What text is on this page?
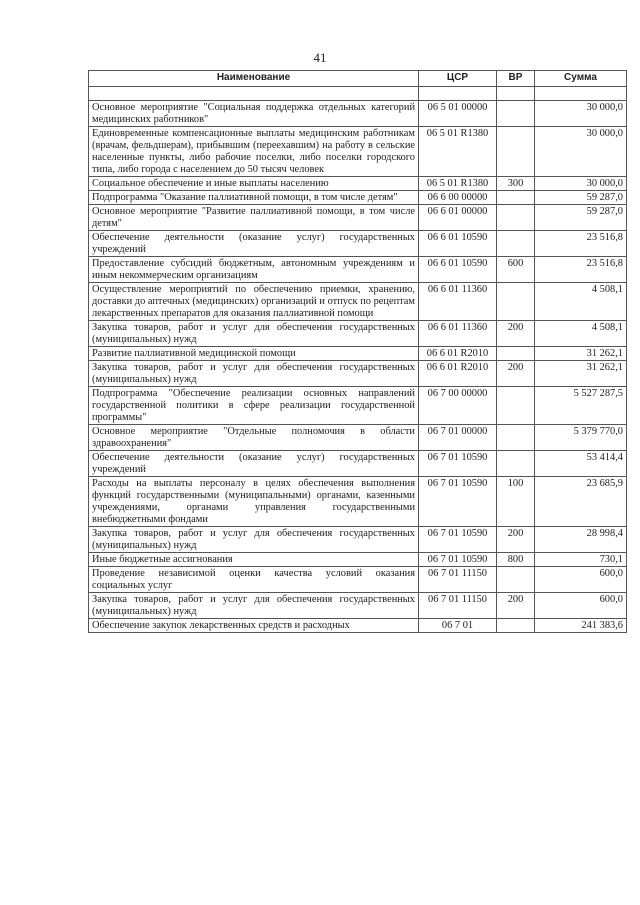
41
Наименование	ЦСР	ВР	Сумма

Основное мероприятие "Социальная поддержка отдельных категорий медицинских работников"	06 5 01 00000		30 000,0
Единовременные компенсационные выплаты медицинским работникам (врачам, фельдшерам), прибывшим (переехавшим) на работу в сельские населенные пункты, либо рабочие поселки, либо поселки городского типа, либо города с населением до 50 тысяч человек	06 5 01 R1380		30 000,0
Социальное обеспечение и иные выплаты населению	06 5 01 R1380	300	30 000,0
Подпрограмма "Оказание паллиативной помощи, в том числе детям"	06 6 00 00000		59 287,0
Основное мероприятие "Развитие паллиативной помощи, в том числе детям"	06 6 01 00000		59 287,0
Обеспечение деятельности (оказание услуг) государственных учреждений	06 6 01 10590		23 516,8
Предоставление субсидий бюджетным, автономным учреждениям и иным некоммерческим организациям	06 6 01 10590	600	23 516,8
Осуществление мероприятий по обеспечению приемки, хранению, доставки до аптечных (медицинских) организаций и отпуск по рецептам лекарственных препаратов для оказания паллиативной помощи	06 6 01 11360		4 508,1
Закупка товаров, работ и услуг для обеспечения государственных (муниципальных) нужд	06 6 01 11360	200	4 508,1
Развитие паллиативной медицинской помощи	06 6 01 R2010		31 262,1
Закупка товаров, работ и услуг для обеспечения государственных (муниципальных) нужд	06 6 01 R2010	200	31 262,1
Подпрограмма "Обеспечение реализации основных направлений государственной политики в сфере реализации государственной программы"	06 7 00 00000		5 527 287,5
Основное мероприятие "Отдельные полномочия в области здравоохранения"	06 7 01 00000		5 379 770,0
Обеспечение деятельности (оказание услуг) государственных учреждений	06 7 01 10590		53 414,4
Расходы на выплаты персоналу в целях обеспечения выполнения функций государственными (муниципальными) органами, казенными учреждениями, органами управления государственными внебюджетными фондами	06 7 01 10590	100	23 685,9
Закупка товаров, работ и услуг для обеспечения государственных (муниципальных) нужд	06 7 01 10590	200	28 998,4
Иные бюджетные ассигнования	06 7 01 10590	800	730,1
Проведение независимой оценки качества условий оказания социальных услуг	06 7 01 11150		600,0
Закупка товаров, работ и услуг для обеспечения государственных (муниципальных) нужд	06 7 01 11150	200	600,0
Обеспечение закупок лекарственных средств и расходных	06 7 01		241 383,6
